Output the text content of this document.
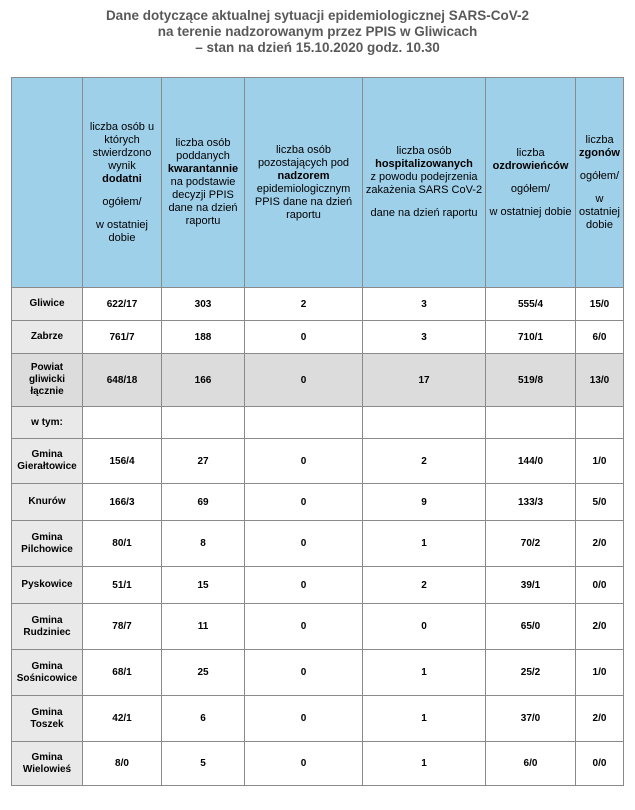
Dane dotyczące aktualnej sytuacji epidemiologicznej SARS-CoV-2
na terenie nadzorowanym przez PPIS w Gliwicach
– stan na dzień 15.10.2020 godz. 10.30
	liczba osób u których stwierdzono wynik
dodatni
ogółem/
w ostatniej dobie	liczba osób poddanych kwarantannie na podstawie decyzji PPIS dane na dzień raportu	liczba osób pozostających pod nadzorem epidemiologicznym PPIS dane na dzień raportu	liczba osób
hospitalizowanych
z powodu podejrzenia zakażenia SARS CoV-2
dane na dzień raportu	liczba
ozdrowieńców
ogółem/
w ostatniej dobie	liczba
zgonów
ogółem/
w ostatniej dobie
Gliwice	622/17	303	2	3	555/4	15/0
Zabrze	761/7	188	0	3	710/1	6/0
Powiat gliwicki łącznie	648/18	166	0	17	519/8	13/0
w tym:						
Gmina Gierałtowice	156/4	27	0	2	144/0	1/0
Knurów	166/3	69	0	9	133/3	5/0
Gmina Pilchowice	80/1	8	0	1	70/2	2/0
Pyskowice	51/1	15	0	2	39/1	0/0
Gmina Rudziniec	78/7	11	0	0	65/0	2/0
Gmina Sośnicowice	68/1	25	0	1	25/2	1/0
Gmina Toszek	42/1	6	0	1	37/0	2/0
Gmina Wielowieś	8/0	5	0	1	6/0	0/0
